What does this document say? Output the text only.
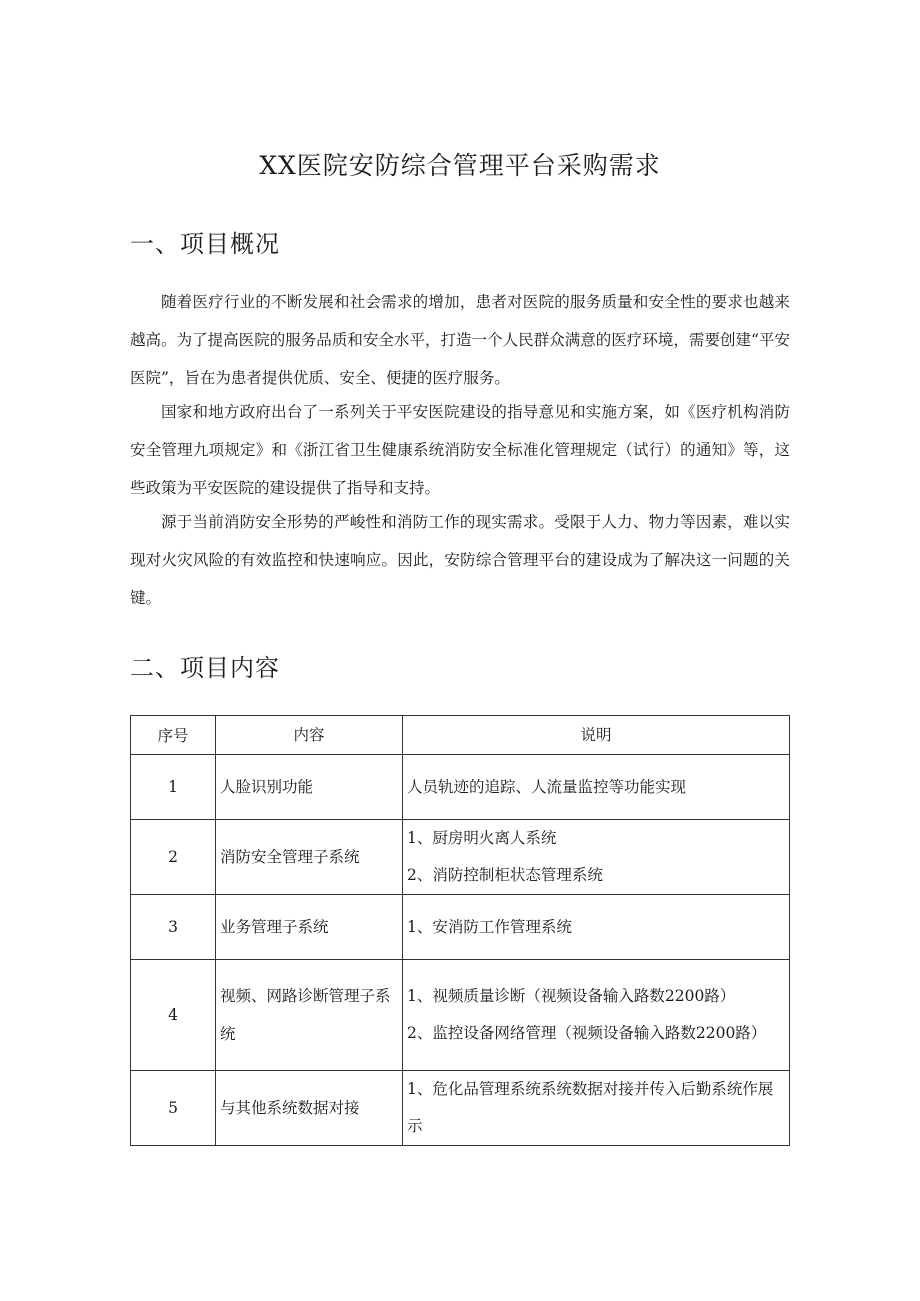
XX医院安防综合管理平台采购需求
一、项目概况

随着医疗行业的不断发展和社会需求的增加，患者对医院的服务质量和安全性的要求也越来越高。为了提高医院的服务品质和安全水平，打造一个人民群众满意的医疗环境，需要创建“平安医院”，旨在为患者提供优质、安全、便捷的医疗服务。

国家和地方政府出台了一系列关于平安医院建设的指导意见和实施方案，如《医疗机构消防安全管理九项规定》和《浙江省卫生健康系统消防安全标准化管理规定（试行）的通知》等，这些政策为平安医院的建设提供了指导和支持。

源于当前消防安全形势的严峻性和消防工作的现实需求。受限于人力、物力等因素，难以实现对火灾风险的有效监控和快速响应。因此，安防综合管理平台的建设成为了解决这一问题的关键。

二、项目内容
序号	内容	说明
1	人脸识别功能	人员轨迹的追踪、人流量监控等功能实现

2	消防安全管理子系统	1、厨房明火离人系统
2、消防控制柜状态管理系统

3	业务管理子系统	1、安消防工作管理系统

4	视频、网路诊断管理子系统	1、视频质量诊断（视频设备输入路数2200路）
2、监控设备网络管理（视频设备输入路数2200路）

5	与其他系统数据对接	1、危化品管理系统系统数据对接并传入后勤系统作展示
